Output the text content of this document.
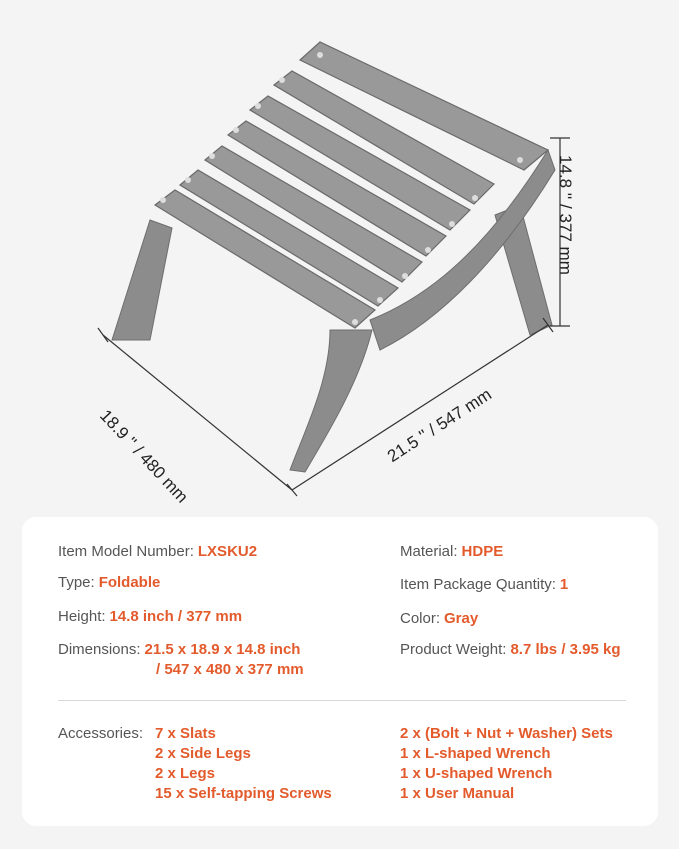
18.9 '' / 480 mm	21.5 '' / 547 mm
14.8 '' / 377 mm
Item Model Number: LXSKU2
Type: Foldable
Height: 14.8 inch / 377 mm
Dimensions: 21.5 x 18.9 x 14.8 inch
/ 547 x 480 x 377 mm
Material: HDPE
Item Package Quantity: 1
Color: Gray
Product Weight: 8.7 lbs / 3.95 kg
Accessories: 7 x Slats
2 x Side Legs
2 x Legs
15 x Self-tapping Screws
2 x (Bolt + Nut + Washer) Sets
1 x L-shaped Wrench
1 x U-shaped Wrench
1 x User Manual
